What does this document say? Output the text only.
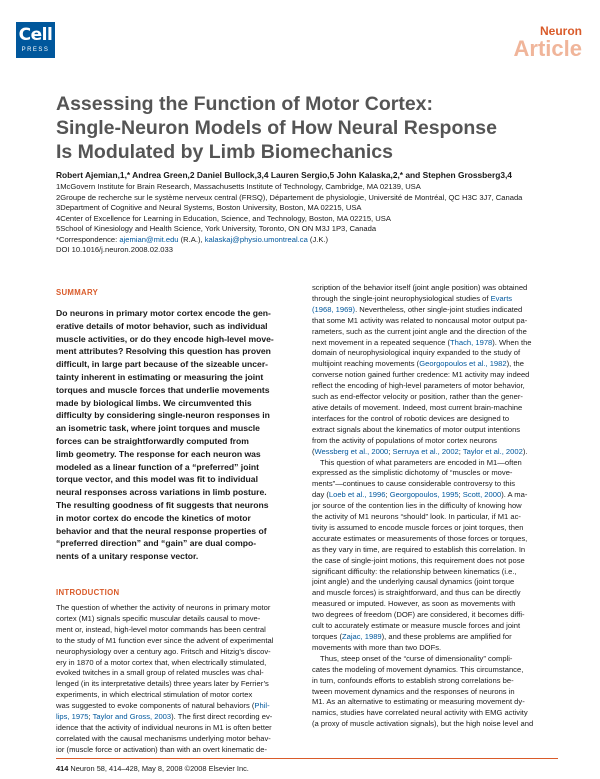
Cell
PRESS
Neuron
Article
Assessing the Function of Motor Cortex:
Single-Neuron Models of How Neural Response
Is Modulated by Limb Biomechanics
Robert Ajemian,1,* Andrea Green,2 Daniel Bullock,3,4 Lauren Sergio,5 John Kalaska,2,* and Stephen Grossberg3,4
1McGovern Institute for Brain Research, Massachusetts Institute of Technology, Cambridge, MA 02139, USA
2Groupe de recherche sur le système nerveux central (FRSQ), Département de physiologie, Université de Montréal, QC H3C 3J7, Canada
3Department of Cognitive and Neural Systems, Boston University, Boston, MA 02215, USA
4Center of Excellence for Learning in Education, Science, and Technology, Boston, MA 02215, USA
5School of Kinesiology and Health Science, York University, Toronto, ON ON M3J 1P3, Canada
*Correspondence: ajemian@mit.edu (R.A.), kalaskaj@physio.umontreal.ca (J.K.)
DOI 10.1016/j.neuron.2008.02.033
SUMMARY
Do neurons in primary motor cortex encode the gen-
erative details of motor behavior, such as individual
muscle activities, or do they encode high-level move-
ment attributes? Resolving this question has proven
difficult, in large part because of the sizeable uncer-
tainty inherent in estimating or measuring the joint
torques and muscle forces that underlie movements
made by biological limbs. We circumvented this
difficulty by considering single-neuron responses in
an isometric task, where joint torques and muscle
forces can be straightforwardly computed from
limb geometry. The response for each neuron was
modeled as a linear function of a “preferred” joint
torque vector, and this model was fit to individual
neural responses across variations in limb posture.
The resulting goodness of fit suggests that neurons
in motor cortex do encode the kinetics of motor
behavior and that the neural response properties of
“preferred direction” and “gain” are dual compo-
nents of a unitary response vector.
INTRODUCTION
The question of whether the activity of neurons in primary motor
cortex (M1) signals specific muscular details causal to move-
ment or, instead, high-level motor commands has been central
to the study of M1 function ever since the advent of experimental
neurophysiology over a century ago. Fritsch and Hitzig’s discov-
ery in 1870 of a motor cortex that, when electrically stimulated,
evoked twitches in a small group of related muscles was chal-
lenged (in its interpretative details) three years later by Ferrier’s
experiments, in which electrical stimulation of motor cortex
was suggested to evoke components of natural behaviors (Phil-
lips, 1975; Taylor and Gross, 2003). The first direct recording ev-
idence that the activity of individual neurons in M1 is often better
correlated with the causal mechanisms underlying motor behav-
ior (muscle force or activation) than with an overt kinematic de-
scription of the behavior itself (joint angle position) was obtained
through the single-joint neurophysiological studies of Evarts
(1968, 1969). Nevertheless, other single-joint studies indicated
that some M1 activity was related to noncausal motor output pa-
rameters, such as the current joint angle and the direction of the
next movement in a repeated sequence (Thach, 1978). When the
domain of neurophysiological inquiry expanded to the study of
multijoint reaching movements (Georgopoulos et al., 1982), the
converse notion gained further credence: M1 activity may indeed
reflect the encoding of high-level parameters of motor behavior,
such as end-effector velocity or position, rather than the gener-
ative details of movement. Indeed, most current brain-machine
interfaces for the control of robotic devices are designed to
extract signals about the kinematics of motor output intentions
from the activity of populations of motor cortex neurons
(Wessberg et al., 2000; Serruya et al., 2002; Taylor et al., 2002).
This question of what parameters are encoded in M1—often
expressed as the simplistic dichotomy of “muscles or move-
ments”—continues to cause considerable controversy to this
day (Loeb et al., 1996; Georgopoulos, 1995; Scott, 2000). A ma-
jor source of the contention lies in the difficulty of knowing how
the activity of M1 neurons “should” look. In particular, if M1 ac-
tivity is assumed to encode muscle forces or joint torques, then
accurate estimates or measurements of those forces or torques,
as they vary in time, are required to establish this correlation. In
the case of single-joint motions, this requirement does not pose
significant difficulty: the relationship between kinematics (i.e.,
joint angle) and the underlying causal dynamics (joint torque
and muscle forces) is straightforward, and thus can be directly
measured or imputed. However, as soon as movements with
two degrees of freedom (DOF) are considered, it becomes diffi-
cult to accurately estimate or measure muscle forces and joint
torques (Zajac, 1989), and these problems are amplified for
movements with more than two DOFs.
Thus, steep onset of the “curse of dimensionality” compli-
cates the modeling of movement dynamics. This circumstance,
in turn, confounds efforts to establish strong correlations be-
tween movement dynamics and the responses of neurons in
M1. As an alternative to estimating or measuring movement dy-
namics, studies have correlated neural activity with EMG activity
(a proxy of muscle activation signals), but the high noise level and
414 Neuron 58, 414–428, May 8, 2008 ©2008 Elsevier Inc.
